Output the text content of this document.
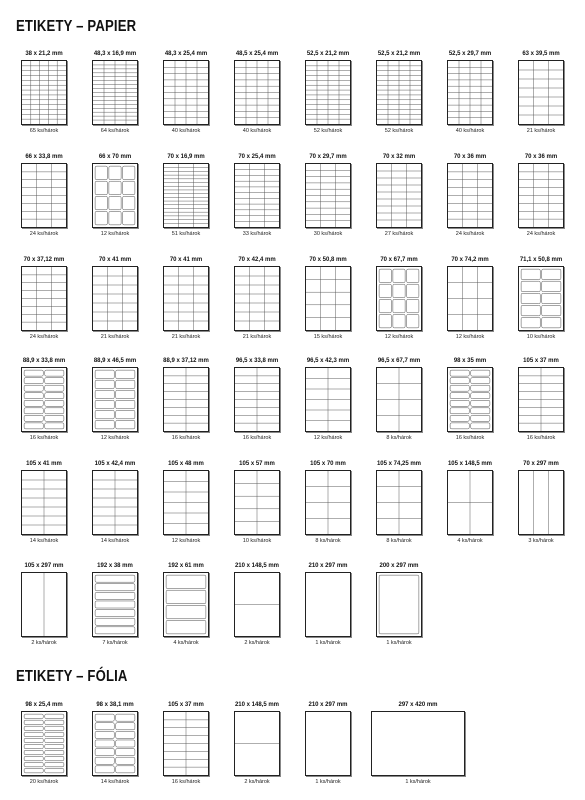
ETIKETY – PAPIER
38 x 21,2 mm
65 ks/hárok
48,3 x 16,9 mm
64 ks/hárok
48,3 x 25,4 mm
40 ks/hárok
48,5 x 25,4 mm
40 ks/hárok
52,5 x 21,2 mm
52 ks/hárok
52,5 x 21,2 mm
52 ks/hárok
52,5 x 29,7 mm
40 ks/hárok
63 x 39,5 mm
21 ks/hárok
66 x 33,8 mm
24 ks/hárok
66 x 70 mm
12 ks/hárok
70 x 16,9 mm
51 ks/hárok
70 x 25,4 mm
33 ks/hárok
70 x 29,7 mm
30 ks/hárok
70 x 32 mm
27 ks/hárok
70 x 36 mm
24 ks/hárok
70 x 36 mm
24 ks/hárok
70 x 37,12 mm
24 ks/hárok
70 x 41 mm
21 ks/hárok
70 x 41 mm
21 ks/hárok
70 x 42,4 mm
21 ks/hárok
70 x 50,8 mm
15 ks/hárok
70 x 67,7 mm
12 ks/hárok
70 x 74,2 mm
12 ks/hárok
71,1 x 50,8 mm
10 ks/hárok
88,9 x 33,8 mm
16 ks/hárok
88,9 x 46,5 mm
12 ks/hárok
88,9 x 37,12 mm
16 ks/hárok
96,5 x 33,8 mm
16 ks/hárok
96,5 x 42,3 mm
12 ks/hárok
96,5 x 67,7 mm
8 ks/hárok
98 x 35 mm
16 ks/hárok
105 x 37 mm
16 ks/hárok
105 x 41 mm
14 ks/hárok
105 x 42,4 mm
14 ks/hárok
105 x 48 mm
12 ks/hárok
105 x 57 mm
10 ks/hárok
105 x 70 mm
8 ks/hárok
105 x 74,25 mm
8 ks/hárok
105 x 148,5 mm
4 ks/hárok
70 x 297 mm
3 ks/hárok
105 x 297 mm
2 ks/hárok
192 x 38 mm
7 ks/hárok
192 x 61 mm
4 ks/hárok
210 x 148,5 mm
2 ks/hárok
210 x 297 mm
1 ks/hárok
200 x 297 mm
1 ks/hárok
ETIKETY – FÓLIA
98 x 25,4 mm
20 ks/hárok
98 x 38,1 mm
14 ks/hárok
105 x 37 mm
16 ks/hárok
210 x 148,5 mm
2 ks/hárok
210 x 297 mm
1 ks/hárok
297 x 420 mm
1 ks/hárok
